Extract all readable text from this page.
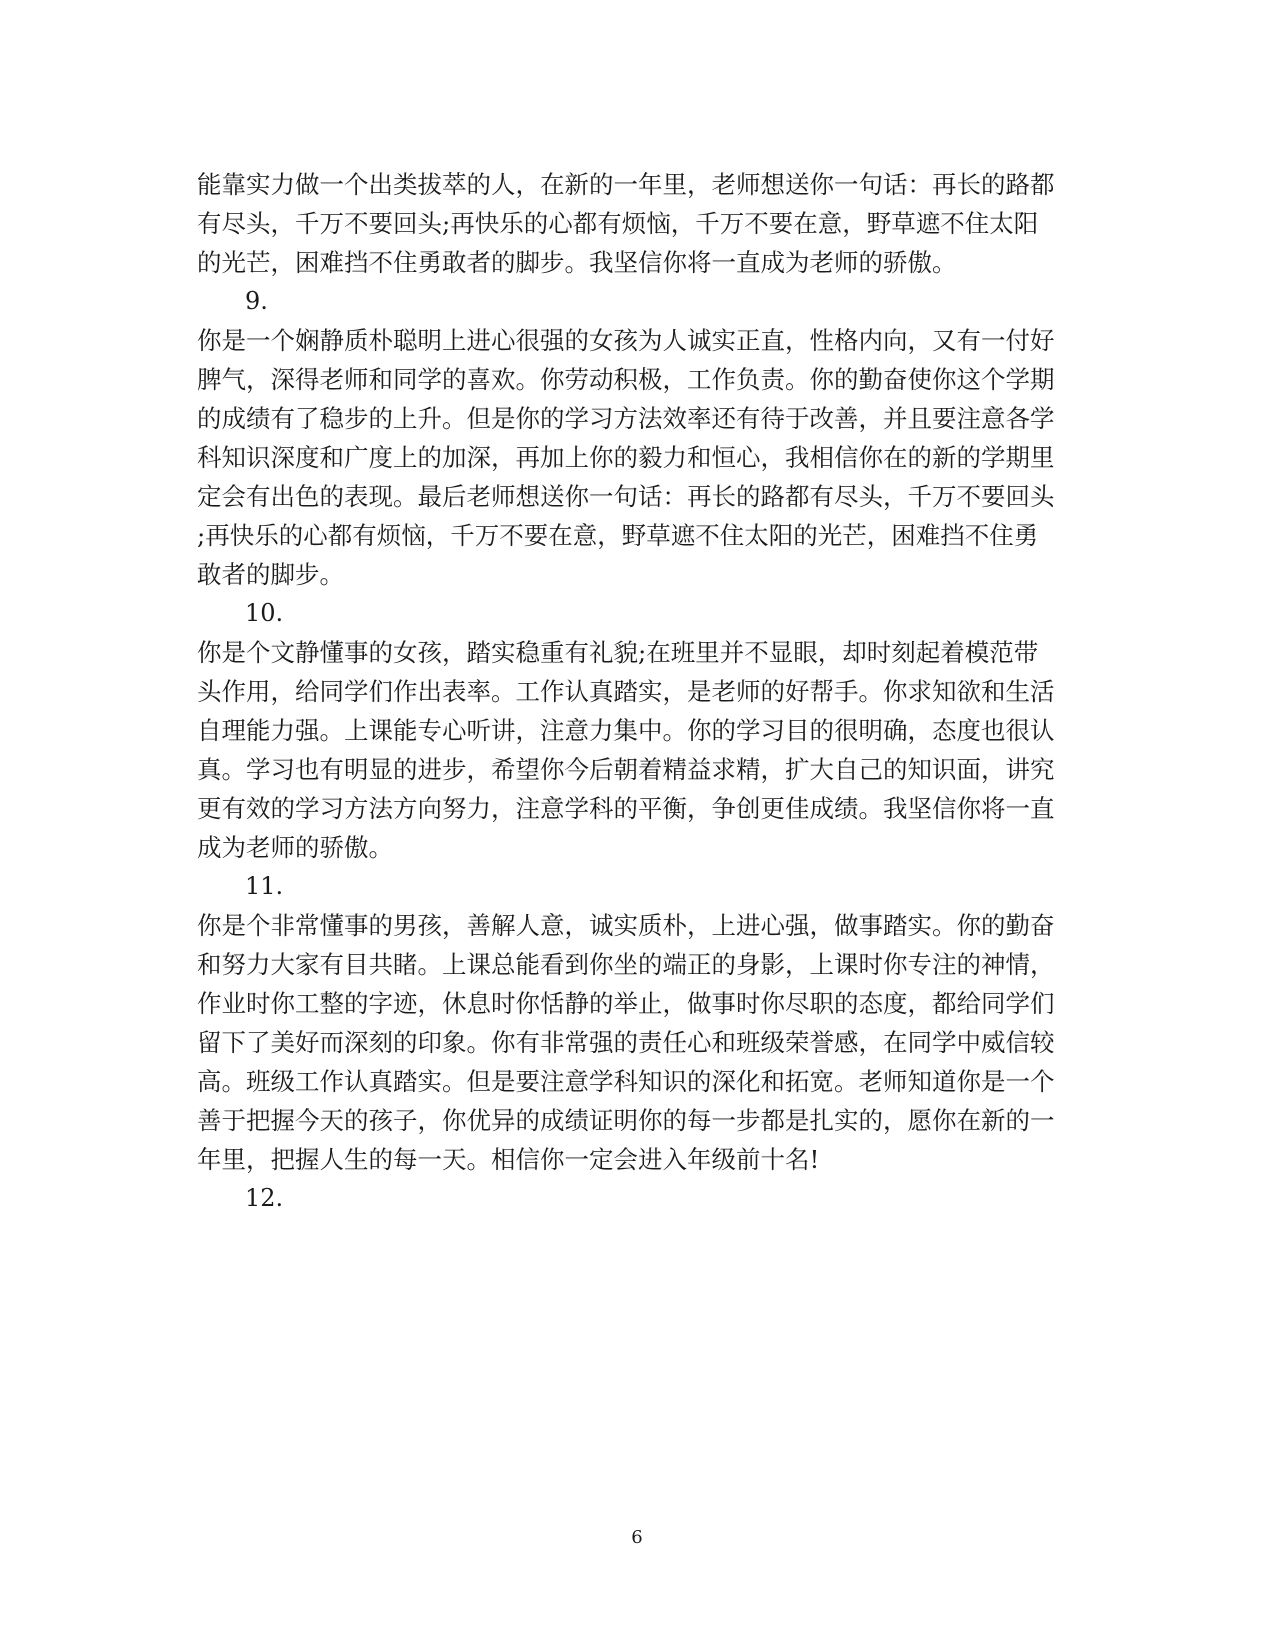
能靠实力做一个出类拔萃的人，在新的一年里，老师想送你一句话：再长的路都
有尽头，千万不要回头;再快乐的心都有烦恼，千万不要在意，野草遮不住太阳
的光芒，困难挡不住勇敢者的脚步。我坚信你将一直成为老师的骄傲。
9.
你是一个娴静质朴聪明上进心很强的女孩为人诚实正直，性格内向，又有一付好
脾气，深得老师和同学的喜欢。你劳动积极，工作负责。你的勤奋使你这个学期
的成绩有了稳步的上升。但是你的学习方法效率还有待于改善，并且要注意各学
科知识深度和广度上的加深，再加上你的毅力和恒心，我相信你在的新的学期里
定会有出色的表现。最后老师想送你一句话：再长的路都有尽头，千万不要回头
;再快乐的心都有烦恼，千万不要在意，野草遮不住太阳的光芒，困难挡不住勇
敢者的脚步。
10.
你是个文静懂事的女孩，踏实稳重有礼貌;在班里并不显眼，却时刻起着模范带
头作用，给同学们作出表率。工作认真踏实，是老师的好帮手。你求知欲和生活
自理能力强。上课能专心听讲，注意力集中。你的学习目的很明确，态度也很认
真。学习也有明显的进步，希望你今后朝着精益求精，扩大自己的知识面，讲究
更有效的学习方法方向努力，注意学科的平衡，争创更佳成绩。我坚信你将一直
成为老师的骄傲。
11.
你是个非常懂事的男孩，善解人意，诚实质朴，上进心强，做事踏实。你的勤奋
和努力大家有目共睹。上课总能看到你坐的端正的身影，上课时你专注的神情，
作业时你工整的字迹，休息时你恬静的举止，做事时你尽职的态度，都给同学们
留下了美好而深刻的印象。你有非常强的责任心和班级荣誉感，在同学中威信较
高。班级工作认真踏实。但是要注意学科知识的深化和拓宽。老师知道你是一个
善于把握今天的孩子，你优异的成绩证明你的每一步都是扎实的，愿你在新的一
年里，把握人生的每一天。相信你一定会进入年级前十名!
12.
6
